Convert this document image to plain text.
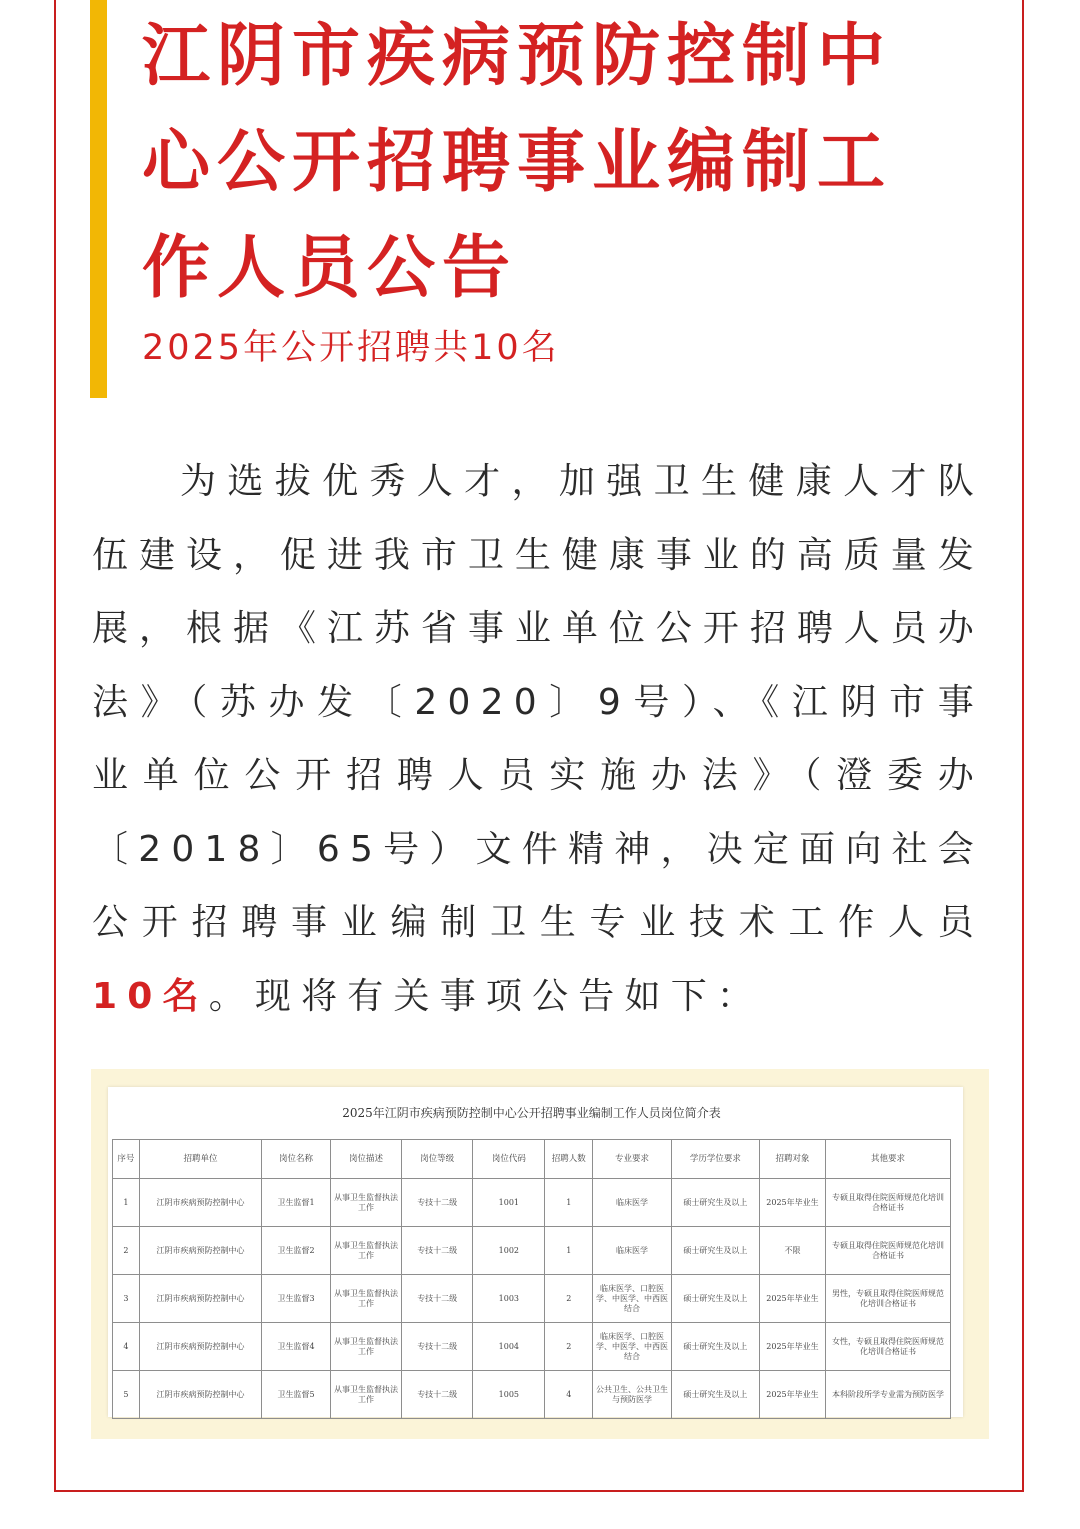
江阴市疾病预防控制中心公开招聘事业编制工作人员公告
2025年公开招聘共10名

为选拔优秀人才，加强卫生健康人才队伍建设，促进我市卫生健康事业的高质量发展，根据《江苏省事业单位公开招聘人员办法》（苏办发〔2020〕9号）、《江阴市事业单位公开招聘人员实施办法》（澄委办〔2018〕65号）文件精神，决定面向社会公开招聘事业编制卫生专业技术工作人员10名。现将有关事项公告如下：

2025年江阴市疾病预防控制中心公开招聘事业编制工作人员岗位简介表
序号	招聘单位	岗位名称	岗位描述	岗位等级	岗位代码	招聘人数	专业要求	学历学位要求	招聘对象	其他要求
1	江阴市疾病预防控制中心	卫生监督1	从事卫生监督执法工作	专技十二级	1001	1	临床医学	硕士研究生及以上	2025年毕业生	专硕且取得住院医师规范化培训合格证书
2	江阴市疾病预防控制中心	卫生监督2	从事卫生监督执法工作	专技十二级	1002	1	临床医学	硕士研究生及以上	不限	专硕且取得住院医师规范化培训合格证书
3	江阴市疾病预防控制中心	卫生监督3	从事卫生监督执法工作	专技十二级	1003	2	临床医学、口腔医学、中医学、中西医结合	硕士研究生及以上	2025年毕业生	男性，专硕且取得住院医师规范化培训合格证书
4	江阴市疾病预防控制中心	卫生监督4	从事卫生监督执法工作	专技十二级	1004	2	临床医学、口腔医学、中医学、中西医结合	硕士研究生及以上	2025年毕业生	女性，专硕且取得住院医师规范化培训合格证书
5	江阴市疾病预防控制中心	卫生监督5	从事卫生监督执法工作	专技十二级	1005	4	公共卫生、公共卫生与预防医学	硕士研究生及以上	2025年毕业生	本科阶段所学专业需为预防医学
